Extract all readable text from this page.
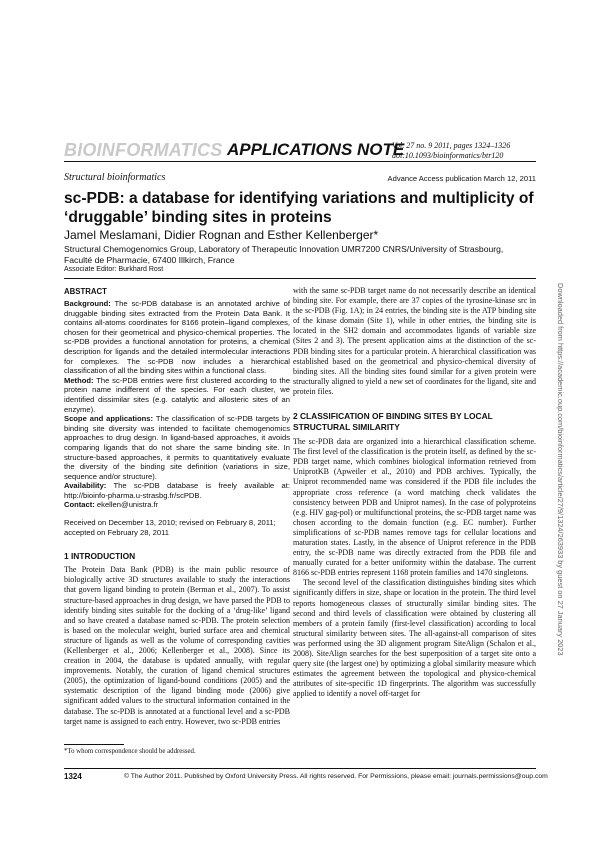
BIOINFORMATICS APPLICATIONS NOTE
Vol. 27 no. 9 2011, pages 1324–1326
doi:10.1093/bioinformatics/btr120
Structural bioinformatics	Advance Access publication March 12, 2011
sc-PDB: a database for identifying variations and multiplicity of ‘druggable’ binding sites in proteins
Jamel Meslamani, Didier Rognan and Esther Kellenberger*
Structural Chemogenomics Group, Laboratory of Therapeutic Innovation UMR7200 CNRS/University of Strasbourg, Faculté de Pharmacie, 67400 Illkirch, France
Associate Editor: Burkhard Rost
ABSTRACT

Background: The sc-PDB database is an annotated archive of druggable binding sites extracted from the Protein Data Bank. It contains all-atoms coordinates for 8166 protein–ligand complexes, chosen for their geometrical and physico-chemical properties. The sc-PDB provides a functional annotation for proteins, a chemical description for ligands and the detailed intermolecular interactions for complexes. The sc-PDB now includes a hierarchical classification of all the binding sites within a functional class.

Method: The sc-PDB entries were first clustered according to the protein name indifferent of the species. For each cluster, we identified dissimilar sites (e.g. catalytic and allosteric sites of an enzyme).

Scope and applications: The classification of sc-PDB targets by binding site diversity was intended to facilitate chemogenomics approaches to drug design. In ligand-based approaches, it avoids comparing ligands that do not share the same binding site. In structure-based approaches, it permits to quantitatively evaluate the diversity of the binding site definition (variations in size, sequence and/or structure).

Availability: The sc-PDB database is freely available at: http://bioinfo-pharma.u-strasbg.fr/scPDB.

Contact: ekellen@unistra.fr

Received on December 13, 2010; revised on February 8, 2011; accepted on February 28, 2011
1 INTRODUCTION

The Protein Data Bank (PDB) is the main public resource of biologically active 3D structures available to study the interactions that govern ligand binding to protein (Berman et al., 2007). To assist structure-based approaches in drug design, we have parsed the PDB to identify binding sites suitable for the docking of a ‘drug-like’ ligand and so have created a database named sc-PDB. The protein selection is based on the molecular weight, buried surface area and chemical structure of ligands as well as the volume of corresponding cavities (Kellenberger et al., 2006; Kellenberger et al., 2008). Since its creation in 2004, the database is updated annually, with regular improvements. Notably, the curation of ligand chemical structures (2005), the optimization of ligand-bound conditions (2005) and the systematic description of the ligand binding mode (2006) give significant added values to the structural information contained in the database. The sc-PDB is annotated at a functional level and a sc-PDB target name is assigned to each entry. However, two sc-PDB entries

with the same sc-PDB target name do not necessarily describe an identical binding site. For example, there are 37 copies of the tyrosine-kinase src in the sc-PDB (Fig. 1A); in 24 entries, the binding site is the ATP binding site of the kinase domain (Site 1), while in other entries, the binding site is located in the SH2 domain and accommodates ligands of variable size (Sites 2 and 3). The present application aims at the distinction of the sc-PDB binding sites for a particular protein. A hierarchical classification was established based on the geometrical and physico-chemical diversity of binding sites. All the binding sites found similar for a given protein were structurally aligned to yield a new set of coordinates for the ligand, site and protein files.

2 CLASSIFICATION OF BINDING SITES BY LOCAL STRUCTURAL SIMILARITY

The sc-PDB data are organized into a hierarchical classification scheme. The first level of the classification is the protein itself, as defined by the sc-PDB target name, which combines biological information retrieved from UniprotKB (Apweiler et al., 2010) and PDB archives. Typically, the Uniprot recommended name was considered if the PDB file includes the appropriate cross reference (a word matching check validates the consistency between PDB and Uniprot names). In the case of polyproteins (e.g. HIV gag-pol) or multifunctional proteins, the sc-PDB target name was chosen according to the domain function (e.g. EC number). Further simplifications of sc-PDB names remove tags for cellular locations and maturation states. Lastly, in the absence of Uniprot reference in the PDB entry, the sc-PDB name was directly extracted from the PDB file and manually curated for a better uniformity within the database. The current 8166 sc-PDB entries represent 1168 protein families and 1470 singletons.

The second level of the classification distinguishes binding sites which significantly differs in size, shape or location in the protein. The third level reports homogeneous classes of structurally similar binding sites. The second and third levels of classification were obtained by clustering all members of a protein family (first-level classification) according to local structural similarity between sites. The all-against-all comparison of sites was performed using the 3D alignment program SiteAlign (Schalon et al., 2008). SiteAlign searches for the best superposition of a target site onto a query site (the largest one) by optimizing a global similarity measure which estimates the agreement between the topological and physico-chemical attributes of site-specific 1D fingerprints. The algorithm was successfully applied to identify a novel off-target for

*To whom correspondence should be addressed.
1324	© The Author 2011. Published by Oxford University Press. All rights reserved. For Permissions, please email: journals.permissions@oup.com
Downloaded from https://academic.oup.com/bioinformatics/article/27/9/1324/263933 by guest on 27 January 2023
